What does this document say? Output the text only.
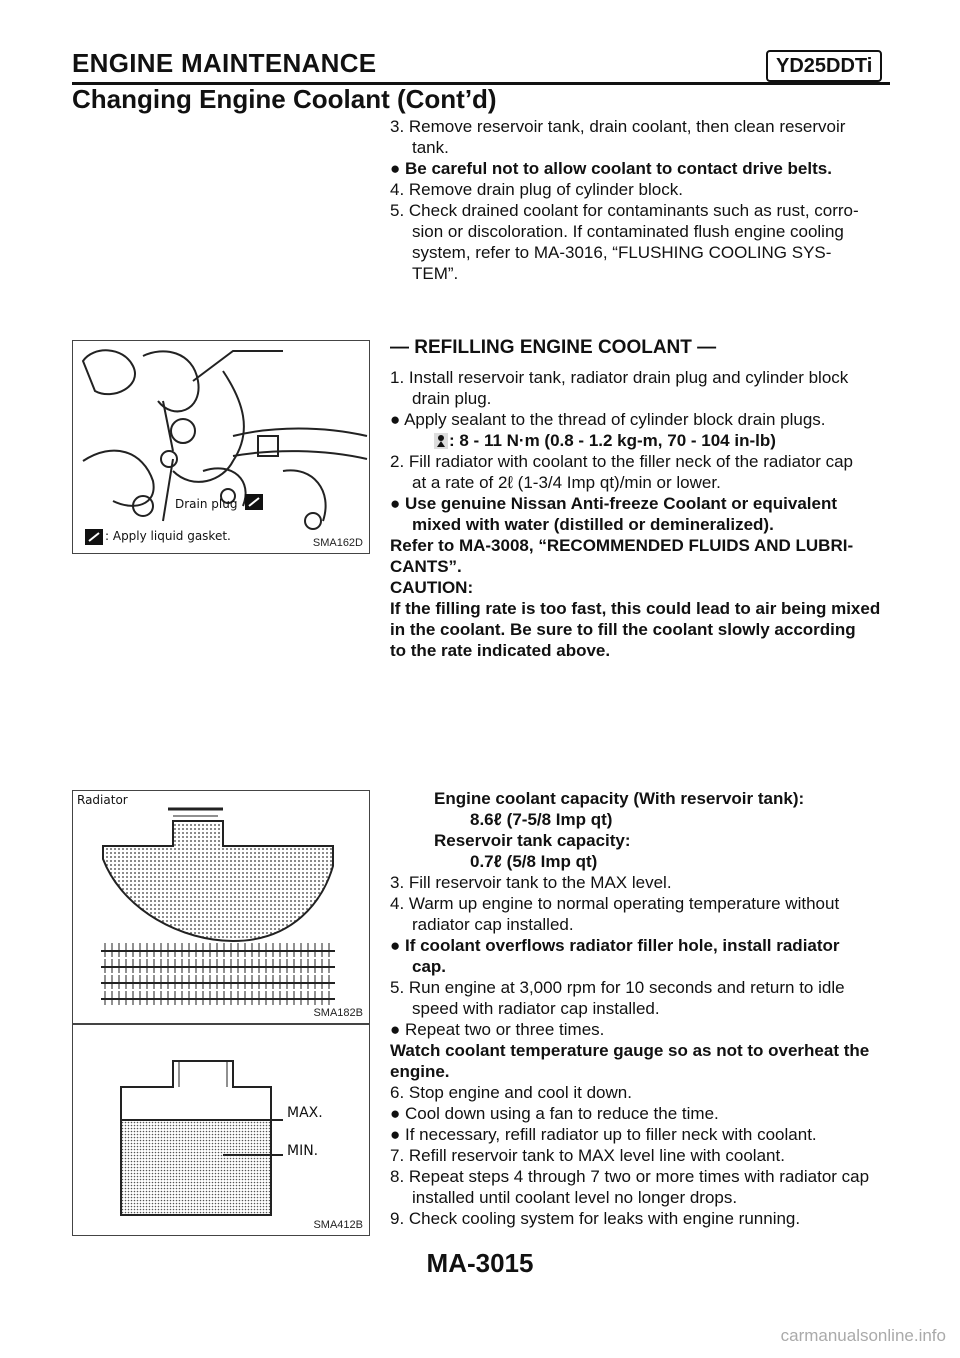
ENGINE MAINTENANCE	YD25DDTi
Changing Engine Coolant (Cont’d)

3. Remove reservoir tank, drain coolant, then clean reservoir

tank.

● Be careful not to allow coolant to contact drive belts.

4. Remove drain plug of cylinder block.

5. Check drained coolant for contaminants such as rust, corro-

sion or discoloration. If contaminated flush engine cooling

system, refer to MA-3016, “FLUSHING COOLING SYS-

TEM”.

— REFILLING ENGINE COOLANT —

1. Install reservoir tank, radiator drain plug and cylinder block

drain plug.

● Apply sealant to the thread of cylinder block drain plugs.

: 8 - 11 N·m (0.8 - 1.2 kg-m, 70 - 104 in-lb)

2. Fill radiator with coolant to the filler neck of the radiator cap

at a rate of 2ℓ (1-3/4 Imp qt)/min or lower.

● Use genuine Nissan Anti-freeze Coolant or equivalent

mixed with water (distilled or demineralized).

Refer to MA-3008, “RECOMMENDED FLUIDS AND LUBRI-

CANTS”.

CAUTION:

If the filling rate is too fast, this could lead to air being mixed

in the coolant. Be sure to fill the coolant slowly according

to the rate indicated above.

Engine coolant capacity (With reservoir tank):

8.6ℓ (7-5/8 Imp qt)

Reservoir tank capacity:

0.7ℓ (5/8 Imp qt)

3. Fill reservoir tank to the MAX level.

4. Warm up engine to normal operating temperature without

radiator cap installed.

● If coolant overflows radiator filler hole, install radiator

cap.

5. Run engine at 3,000 rpm for 10 seconds and return to idle

speed with radiator cap installed.

● Repeat two or three times.

Watch coolant temperature gauge so as not to overheat the

engine.

6. Stop engine and cool it down.

● Cool down using a fan to reduce the time.

● If necessary, refill radiator up to filler neck with coolant.

7. Refill reservoir tank to MAX level line with coolant.

8. Repeat steps 4 through 7 two or more times with radiator cap

installed until coolant level no longer drops.

9. Check cooling system for leaks with engine running.

Drain plug
: Apply liquid gasket.	SMA162D
Radiator
SMA182B
MAX.
MIN.
SMA412B
MA-3015
carmanualsonline.info
